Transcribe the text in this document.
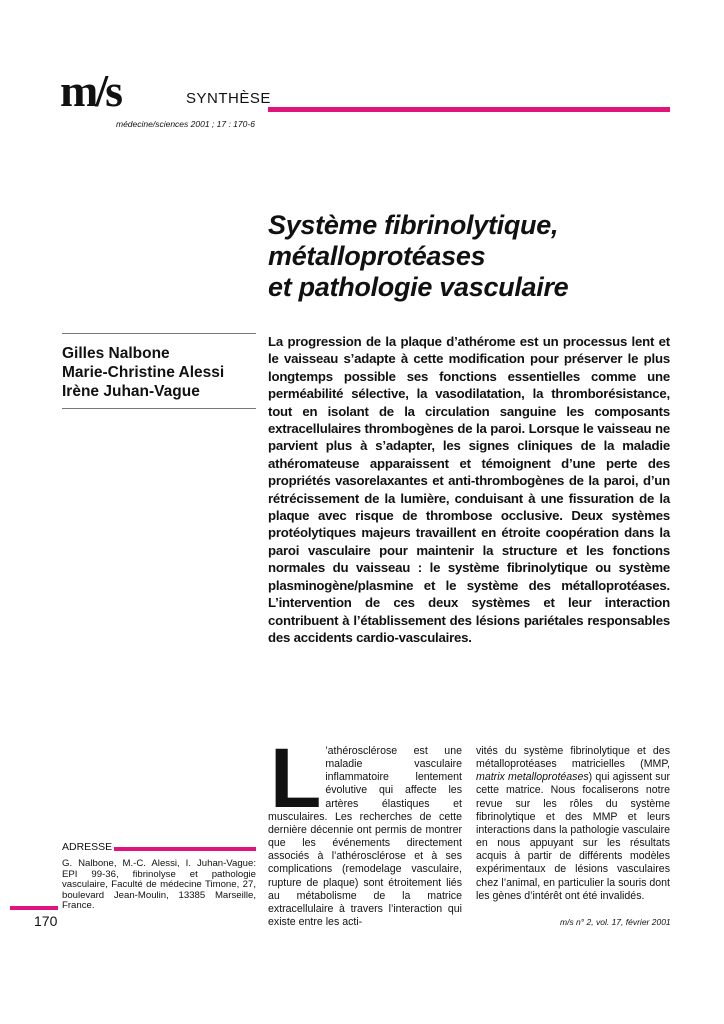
m/s	SYNTHÈSE
médecine/sciences 2001 ; 17 : 170-6
Système fibrinolytique,
métalloprotéases
et pathologie vasculaire
Gilles Nalbone
Marie-Christine Alessi
Irène Juhan-Vague
La progression de la plaque d’athérome est un processus lent et le vaisseau s’adapte à cette modification pour préserver le plus longtemps possible ses fonctions essentielles comme une perméabilité sélective, la vasodilatation, la thromborésistance, tout en isolant de la circulation sanguine les composants extracellulaires thrombogènes de la paroi. Lorsque le vaisseau ne parvient plus à s’adapter, les signes cliniques de la maladie athéromateuse apparaissent et témoignent d’une perte des propriétés vasorelaxantes et anti-thrombogènes de la paroi, d’un rétrécissement de la lumière, conduisant à une fissuration de la plaque avec risque de thrombose occlusive. Deux systèmes protéolytiques majeurs travaillent en étroite coopération dans la paroi vasculaire pour maintenir la structure et les fonctions normales du vaisseau : le système fibrinolytique ou système plasminogène/plasmine et le système des métalloprotéases. L’intervention de ces deux systèmes et leur interaction contribuent à l’établissement des lésions pariétales responsables des accidents cardio-vasculaires.
L ’athérosclérose est une maladie vasculaire inflammatoire lentement évolutive qui affecte les artères élastiques et musculaires. Les recherches de cette dernière décennie ont permis de montrer que les événements directement associés à l’athérosclérose et à ses complications (remodelage vasculaire, rupture de plaque) sont étroitement liés au métabolisme de la matrice extracellulaire à travers l’interaction qui existe entre les acti-
vités du système fibrinolytique et des métalloprotéases matricielles (MMP, matrix metalloprotéases) qui agissent sur cette matrice. Nous focaliserons notre revue sur les rôles du système fibrinolytique et des MMP et leurs interactions dans la pathologie vasculaire en nous appuyant sur les résultats acquis à partir de différents modèles expérimentaux de lésions vasculaires chez l’animal, en particulier la souris dont les gènes d’intérêt ont été invalidés.
ADRESSE
G. Nalbone, M.-C. Alessi, I. Juhan-Vague: EPI 99-36, fibrinolyse et pathologie vasculaire, Faculté de médecine Timone, 27, boulevard Jean-Moulin, 13385 Marseille, France.
170	m/s n° 2, vol. 17, février 2001
